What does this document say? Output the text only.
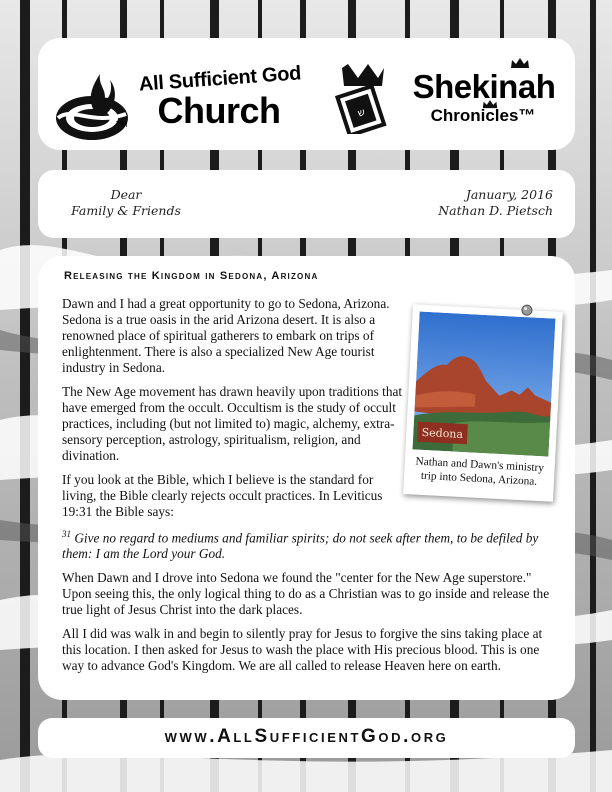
TM
All Sufficient God
Church	ש
Shekinah
Chronicles™
Dear
Family & Friends
January, 2016
Nathan D. Pietsch
Releasing the Kingdom in Sedona, Arizona

Dawn and I had a great opportunity to go to Sedona, Arizona. Sedona is a true oasis in the arid Arizona desert. It is also a renowned place of spiritual gatherers to embark on trips of enlightenment. There is also a specialized New Age tourist industry in Sedona.

The New Age movement has drawn heavily upon traditions that have emerged from the occult. Occultism is the study of occult practices, including (but not limited to) magic, alchemy, extra-sensory perception, astrology, spiritualism, religion, and divination.

If you look at the Bible, which I believe is the standard for living, the Bible clearly rejects occult practices. In Leviticus 19:31 the Bible says:

$^{31}$ Give no regard to mediums and familiar spirits; do not seek after them, to be defiled by them: I am the Lord your God.

When Dawn and I drove into Sedona we found the "center for the New Age superstore." Upon seeing this, the only logical thing to do as a Christian was to go inside and release the true light of Jesus Christ into the dark places.

All I did was walk in and begin to silently pray for Jesus to forgive the sins taking place at this location. I then asked for Jesus to wash the place with His precious blood. This is one way to advance God's Kingdom. We are all called to release Heaven here on earth.

Sedona
Nathan and Dawn's ministry trip into Sedona, Arizona.
www.AllSufficientGod.org
